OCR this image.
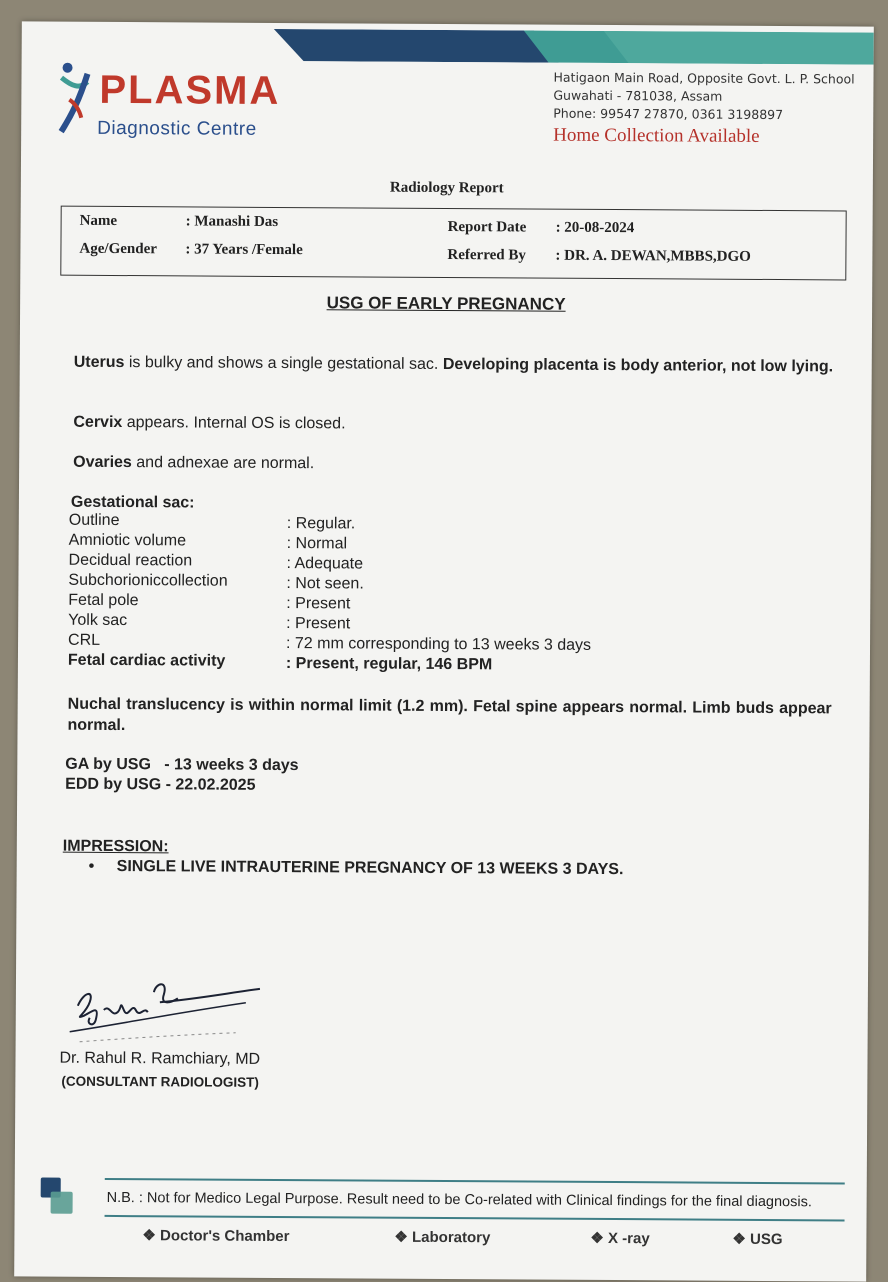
PLASMA
Diagnostic Centre
Hatigaon Main Road, Opposite Govt. L. P. School
Guwahati - 781038, Assam
Phone: 99547 27870, 0361 3198897
Home Collection Available
Radiology Report
Name	: Manashi Das
Age/Gender : 37 Years /Female
Report Date : 20-08-2024
Referred By : DR. A. DEWAN,MBBS,DGO
USG OF EARLY PREGNANCY
Uterus is bulky and shows a single gestational sac. Developing placenta is body anterior, not low lying.
Cervix appears. Internal OS is closed.
Ovaries and adnexae are normal.
Gestational sac:
Outline	: Regular.
Amniotic volume	: Normal
Decidual reaction	: Adequate
Subchorioniccollection	: Not seen.
Fetal pole	: Present
Yolk sac	: Present
CRL	: 72 mm corresponding to 13 weeks 3 days
Fetal cardiac activity	: Present, regular, 146 BPM
Nuchal translucency is within normal limit (1.2 mm). Fetal spine appears normal. Limb buds appear normal.
GA by USG   - 13 weeks 3 days
EDD by USG - 22.02.2025
IMPRESSION:
• SINGLE LIVE INTRAUTERINE PREGNANCY OF 13 WEEKS 3 DAYS.
Dr. Rahul R. Ramchiary, MD
(CONSULTANT RADIOLOGIST)
N.B. : Not for Medico Legal Purpose. Result need to be Co-related with Clinical findings for the final diagnosis.
❖ Doctor's Chamber	❖ Laboratory	❖ X -ray	❖ USG
